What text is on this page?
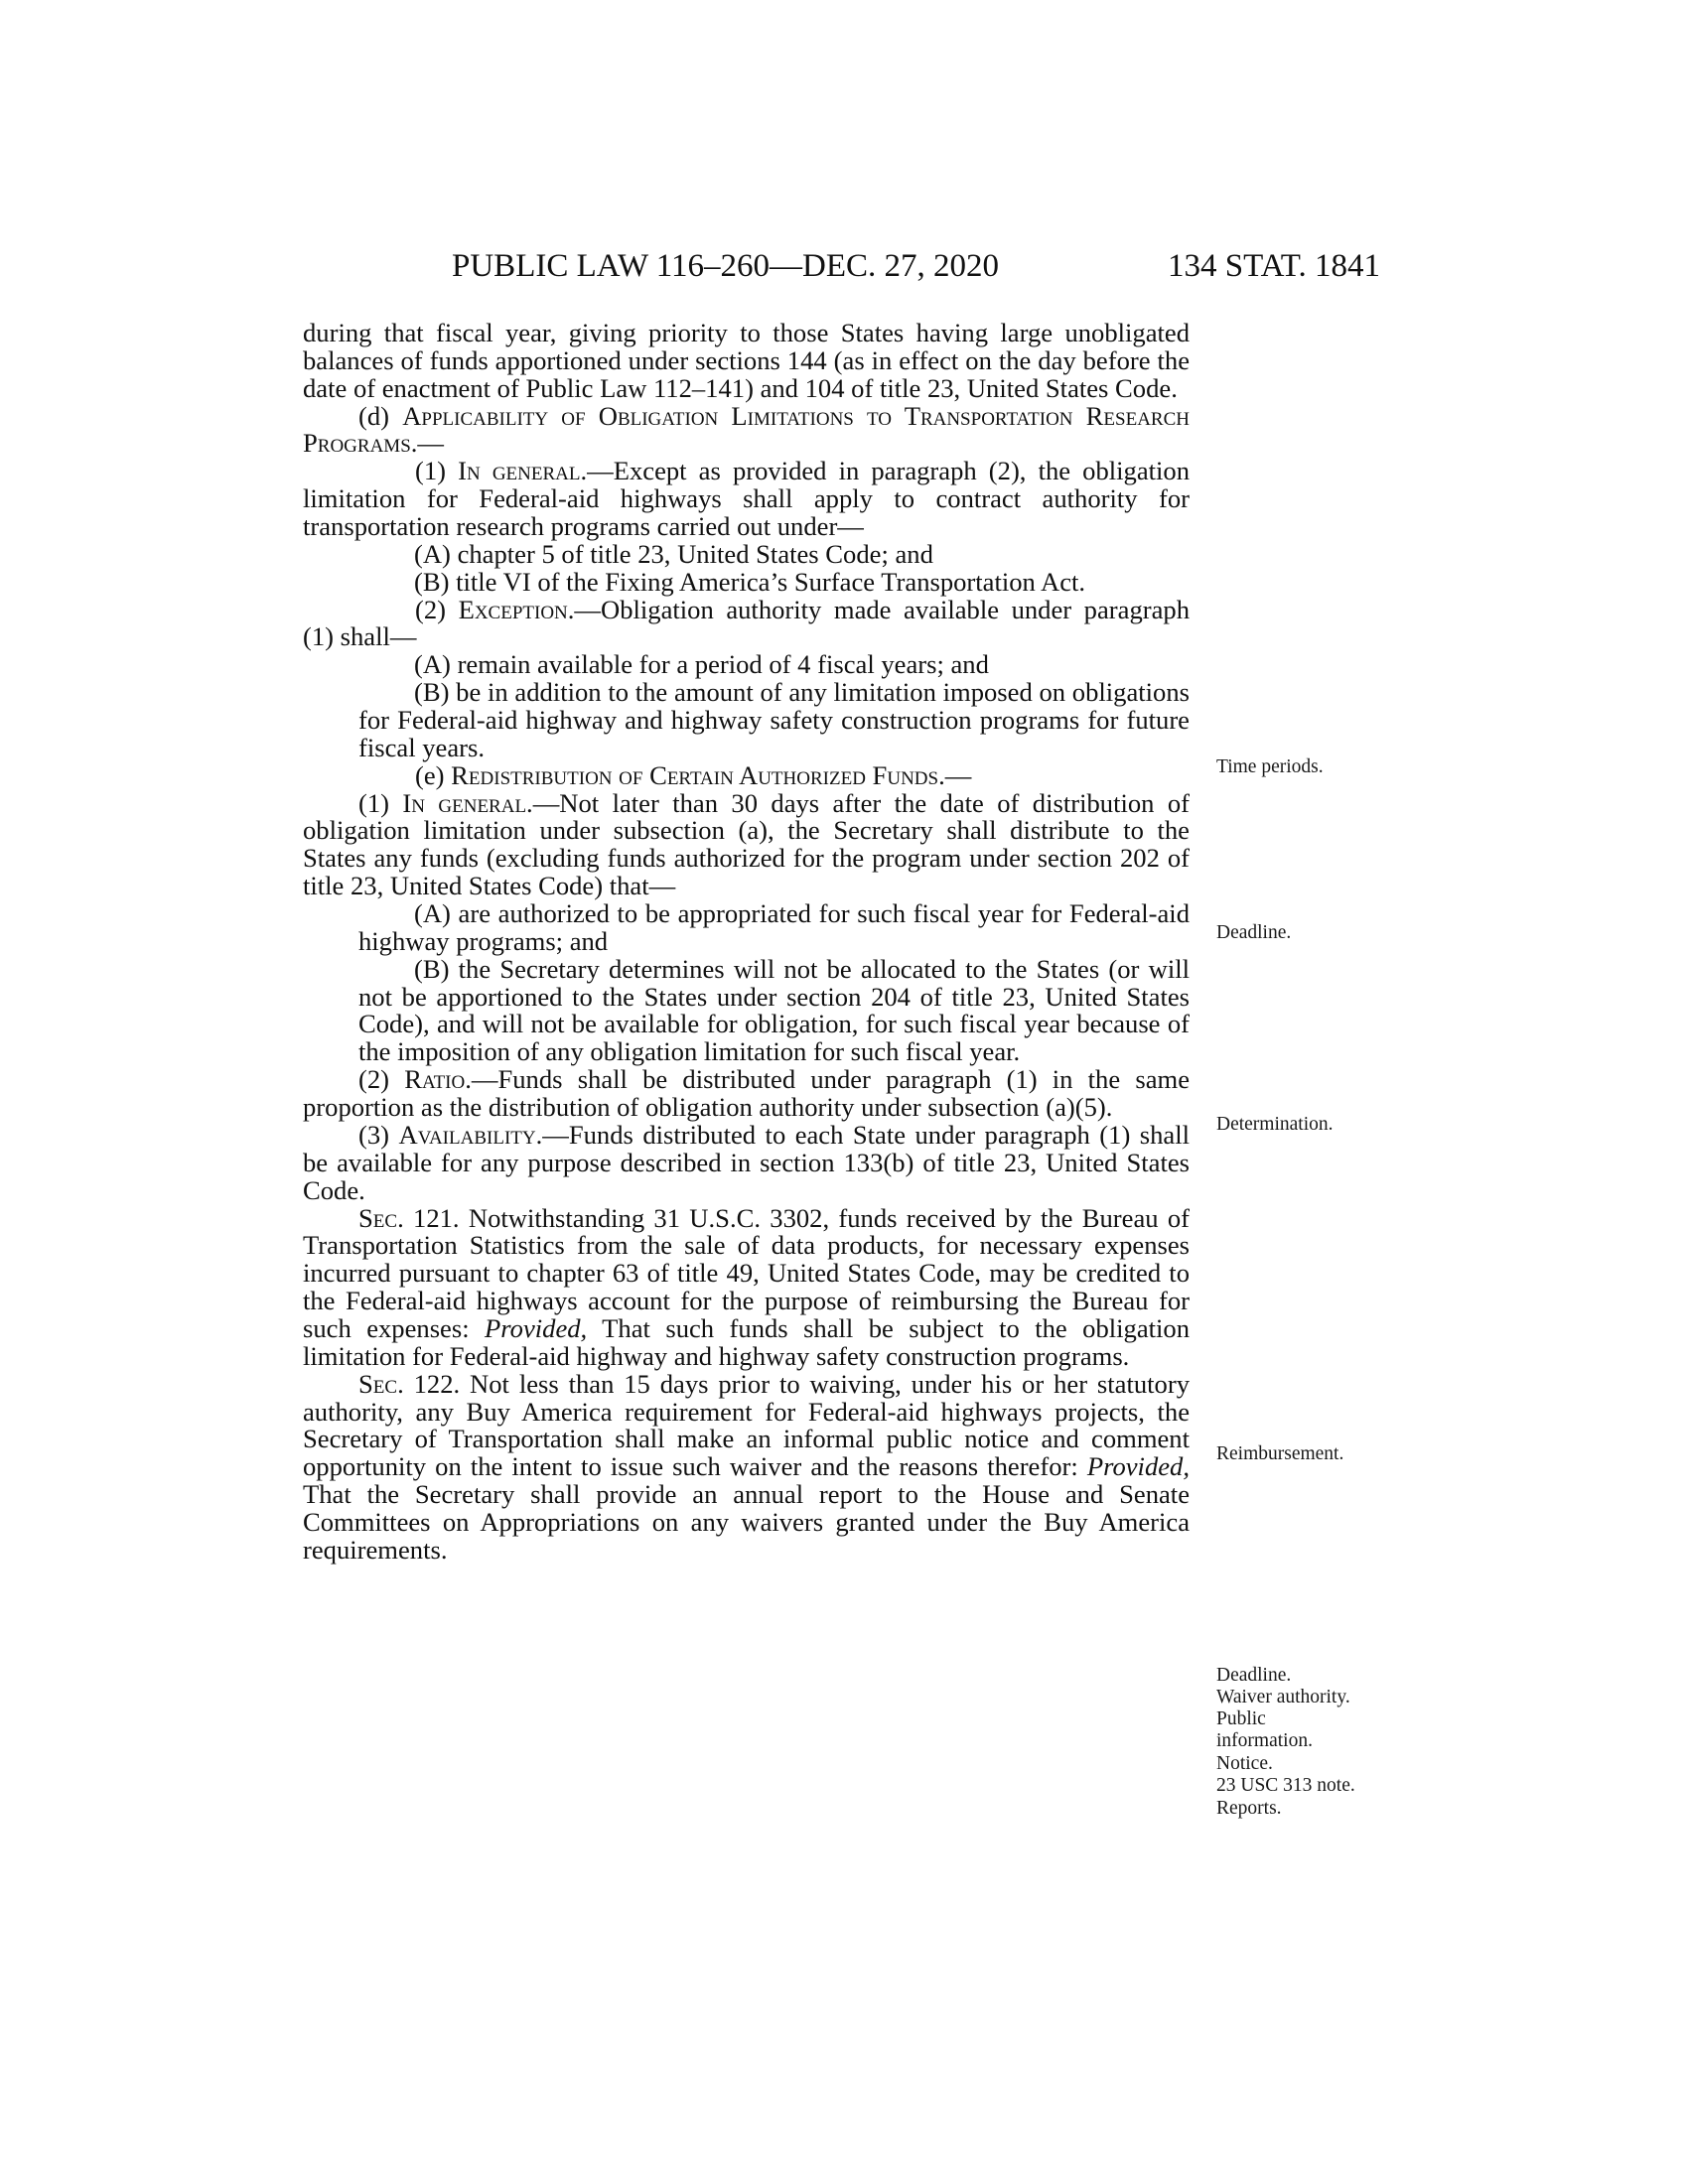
PUBLIC LAW 116–260—DEC. 27, 2020	134 STAT. 1841

during that fiscal year, giving priority to those States having large unobligated balances of funds apportioned under sections 144 (as in effect on the day before the date of enactment of Public Law 112–141) and 104 of title 23, United States Code.

(d) Applicability of Obligation Limitations to Transportation Research Programs.—

(1) In general.—Except as provided in paragraph (2), the obligation limitation for Federal-aid highways shall apply to contract authority for transportation research programs carried out under—

(A) chapter 5 of title 23, United States Code; and

(B) title VI of the Fixing America’s Surface Transportation Act.

(2) Exception.—Obligation authority made available under paragraph (1) shall—

(A) remain available for a period of 4 fiscal years; and

(B) be in addition to the amount of any limitation imposed on obligations for Federal-aid highway and highway safety construction programs for future fiscal years.

(e) Redistribution of Certain Authorized Funds.—

(1) In general.—Not later than 30 days after the date of distribution of obligation limitation under subsection (a), the Secretary shall distribute to the States any funds (excluding funds authorized for the program under section 202 of title 23, United States Code) that—

(A) are authorized to be appropriated for such fiscal year for Federal-aid highway programs; and

(B) the Secretary determines will not be allocated to the States (or will not be apportioned to the States under section 204 of title 23, United States Code), and will not be available for obligation, for such fiscal year because of the imposition of any obligation limitation for such fiscal year.

(2) Ratio.—Funds shall be distributed under paragraph (1) in the same proportion as the distribution of obligation authority under subsection (a)(5).

(3) Availability.—Funds distributed to each State under paragraph (1) shall be available for any purpose described in section 133(b) of title 23, United States Code.

Sec. 121. Notwithstanding 31 U.S.C. 3302, funds received by the Bureau of Transportation Statistics from the sale of data products, for necessary expenses incurred pursuant to chapter 63 of title 49, United States Code, may be credited to the Federal-aid highways account for the purpose of reimbursing the Bureau for such expenses: Provided, That such funds shall be subject to the obligation limitation for Federal-aid highway and highway safety construction programs.

Sec. 122. Not less than 15 days prior to waiving, under his or her statutory authority, any Buy America requirement for Federal-aid highways projects, the Secretary of Transportation shall make an informal public notice and comment opportunity on the intent to issue such waiver and the reasons therefor: Provided, That the Secretary shall provide an annual report to the House and Senate Committees on Appropriations on any waivers granted under the Buy America requirements.

Time periods.
Deadline.
Determination.
Reimbursement.
Deadline.
Waiver authority.
Public
information.
Notice.
23 USC 313 note.
Reports.
